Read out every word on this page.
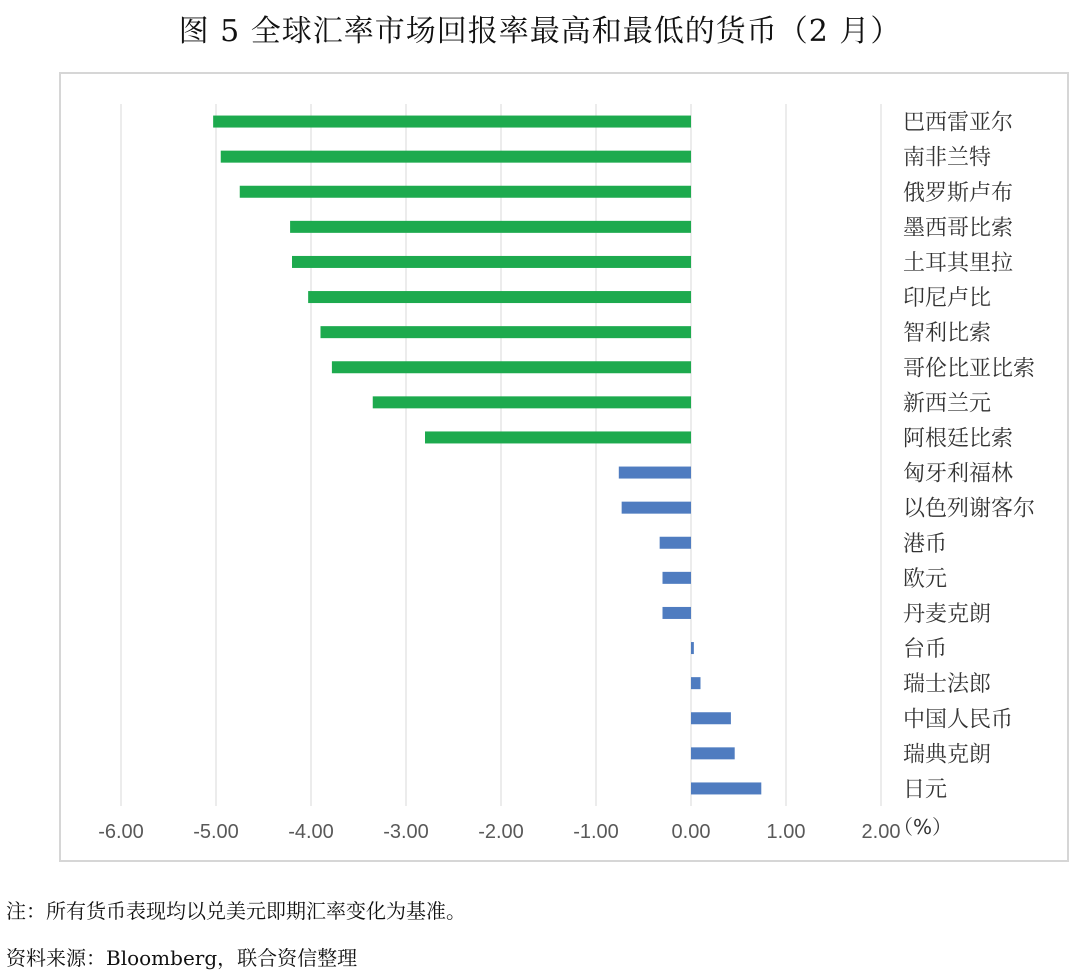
图 5 全球汇率市场回报率最高和最低的货币（2 月）
-6.00 -5.00 -4.00 -3.00 -2.00 -1.00	0.00	1.00	2.00
（%）
巴西雷亚尔
南非兰特
俄罗斯卢布
墨西哥比索
土耳其里拉
印尼卢比
智利比索
哥伦比亚比索
新西兰元
阿根廷比索
匈牙利福林
以色列谢客尔
港币
欧元
丹麦克朗
台币
瑞士法郎
中国人民币
瑞典克朗
日元
注：所有货币表现均以兑美元即期汇率变化为基准。
资料来源：Bloomberg，联合资信整理
